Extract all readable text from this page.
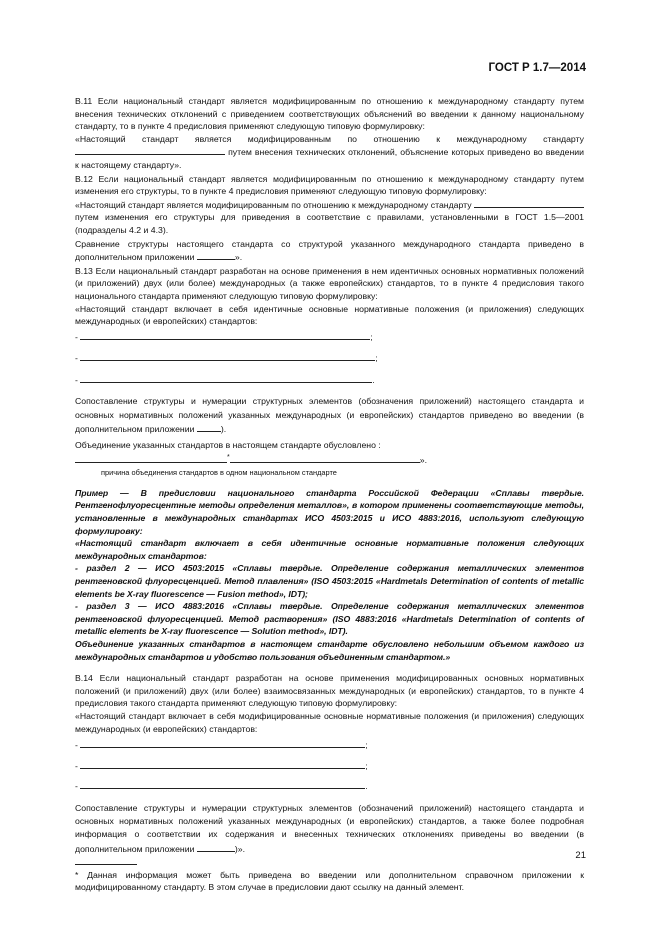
ГОСТ Р 1.7—2014

В.11 Если национальный стандарт является модифицированным по отношению к международному стандарту путем внесения технических отклонений с приведением соответствующих объяснений во введении к данному национальному стандарту, то в пункте 4 предисловия применяют следующую типовую формулировку:

«Настоящий стандарт является модифицированным по отношению к международному стандарту  путем внесения технических отклонений, объяснение которых приведено во введении к настоящему стандарту».

В.12 Если национальный стандарт является модифицированным по отношению к международному стандарту путем изменения его структуры, то в пункте 4 предисловия применяют следующую типовую формулировку:

«Настоящий стандарт является модифицированным по отношению к международному стандарту  путем изменения его структуры для приведения в соответствие с правилами, установленными в ГОСТ 1.5—2001 (подразделы 4.2 и 4.3).

Сравнение структуры настоящего стандарта со структурой указанного международного стандарта приведено в дополнительном приложении	».

В.13 Если национальный стандарт разработан на основе применения в нем идентичных основных нормативных положений (и приложений) двух (или более) международных (а также европейских) стандартов, то в пункте 4 предисловия такого национального стандарта применяют следующую типовую формулировку:

«Настоящий стандарт включает в себя идентичные основные нормативные положения (и приложения) следующих международных (и европейских) стандартов:

-	;

-	;

-	.

Сопоставление структуры и нумерации структурных элементов (обозначения приложений) настоящего стандарта и основных нормативных положений указанных международных (и европейских) стандартов приведено во введении (в дополнительном приложении	).

Объединение указанных стандартов в настоящем стандарте обусловлено :

*	».

причина объединения стандартов в одном национальном стандарте

Пример — В предисловии национального стандарта Российской Федерации «Сплавы твердые. Рентгенофлуоресцентные методы определения металлов», в котором применены соответствующие методы, установленные в международных стандартах ИСО 4503:2015 и ИСО 4883:2016, используют следующую формулировку:

«Настоящий стандарт включает в себя идентичные основные нормативные положения следующих международных стандартов:

- раздел 2 — ИСО 4503:2015 «Сплавы твердые. Определение содержания металлических элементов рентгеновской флуоресценцией. Метод плавления» (ISO 4503:2015 «Hardmetals Determination of contents of metallic elements be X-ray fluorescence — Fusion method», IDT);

- раздел 3 — ИСО 4883:2016 «Сплавы твердые. Определение содержания металлических элементов рентгеновской флуоресценцией. Метод растворения» (ISO 4883:2016 «Hardmetals Determination of contents of metallic elements be X-ray fluorescence — Solution method», IDT).

Объединение указанных стандартов в настоящем стандарте обусловлено небольшим объемом каждого из международных стандартов и удобство пользования объединенным стандартом.»

В.14 Если национальный стандарт разработан на основе применения модифицированных основных нормативных положений (и приложений) двух (или более) взаимосвязанных международных (и европейских) стандартов, то в пункте 4 предисловия такого стандарта применяют следующую типовую формулировку:

«Настоящий стандарт включает в себя модифицированные основные нормативные положения (и приложения) следующих международных (и европейских) стандартов:

-	;

-	;

-	.

Сопоставление структуры и нумерации структурных элементов (обозначений приложений) настоящего стандарта и основных нормативных положений указанных международных (и европейских) стандартов, а также более подробная информация о соответствии их содержания и внесенных технических отклонениях приведены во введении (в дополнительном приложении	)».

* Данная информация может быть приведена во введении или дополнительном справочном приложении к модифицированному стандарту. В этом случае в предисловии дают ссылку на данный элемент.

21
